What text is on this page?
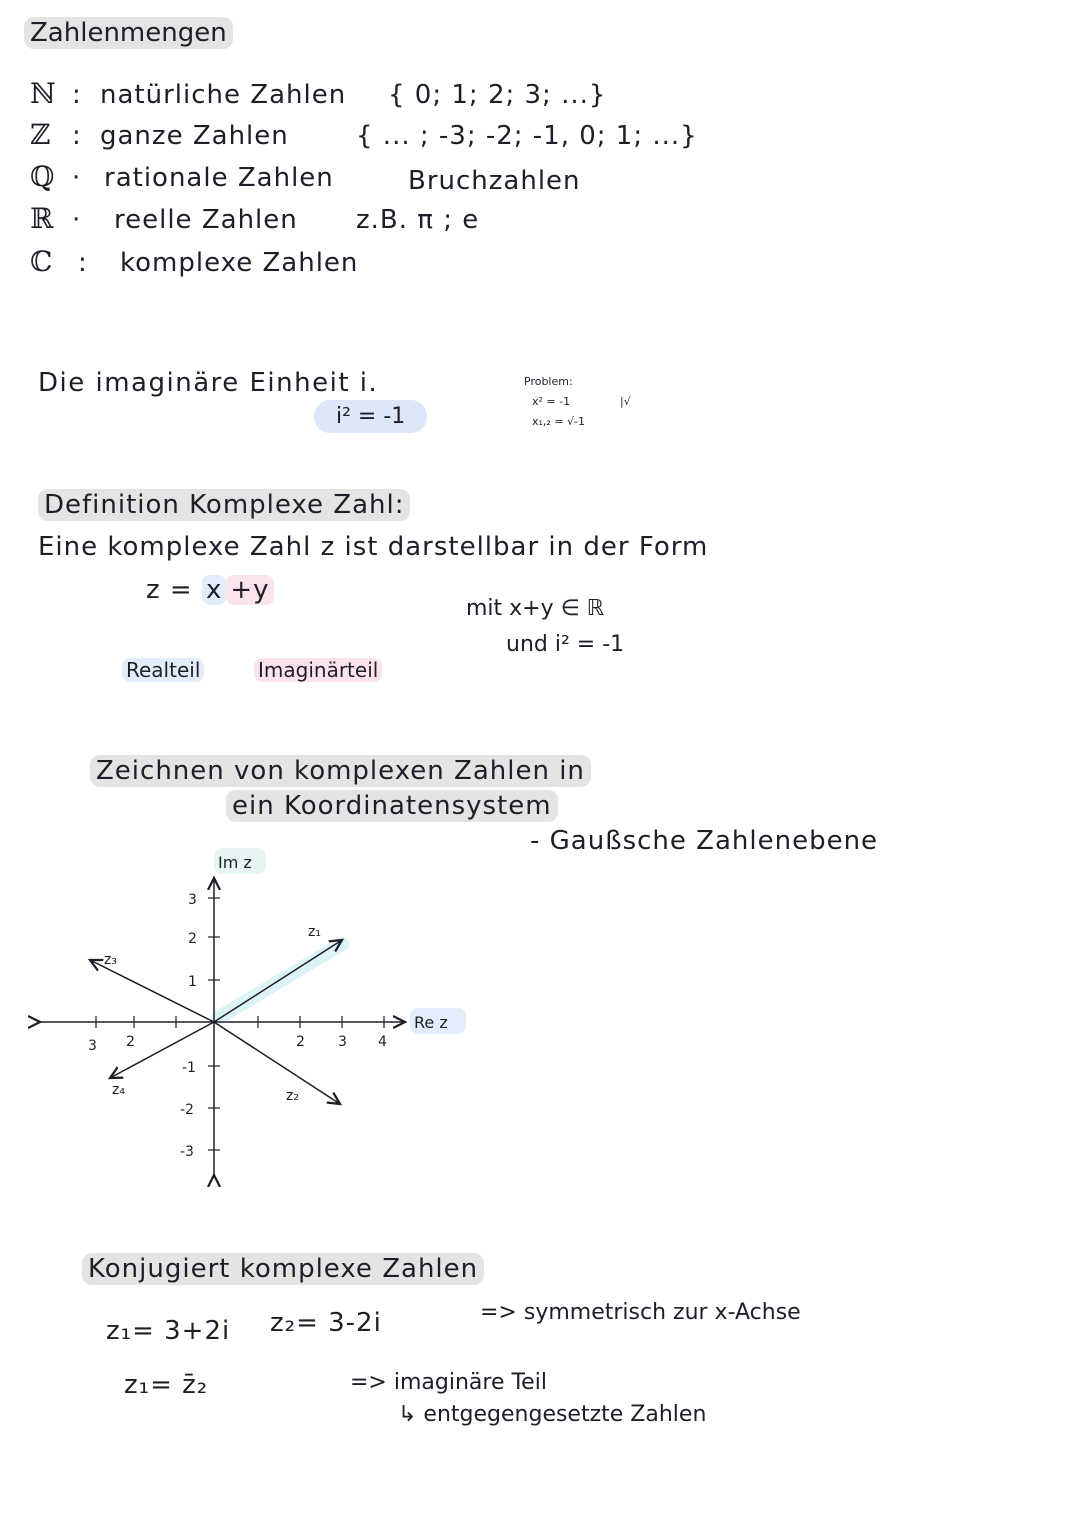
Zahlenmengen
ℕ : natürliche Zahlen { 0; 1; 2; 3; ...}
ℤ : ganze Zahlen	{ ... ; -3; -2; -1, 0; 1; ...}
ℚ · rationale Zahlen	Bruchzahlen
ℝ · reelle Zahlen z.B. π ; e
ℂ : komplexe Zahlen
Die imaginäre Einheit i.
i² = -1
Problem:
x² = -1	|√
x₁,₂ = √-1
Definition Komplexe Zahl:
Eine komplexe Zahl z ist darstellbar in der Form
z = x +y
mit x+y ∈ ℝ
und i² = -1
Realteil	Imaginärteil
Zeichnen von komplexen Zahlen in
ein Koordinatensystem
- Gaußsche Zahlenebene
Im z
Re z
3
2
1
-1
-2
-3
3 2	2 3 4
z₁
z₂
z₃
z₄
Konjugiert komplexe Zahlen
z₁= 3+2i z₂= 3-2i
z₁= z̄₂
=> symmetrisch zur x-Achse
=> imaginäre Teil
↳ entgegengesetzte Zahlen
